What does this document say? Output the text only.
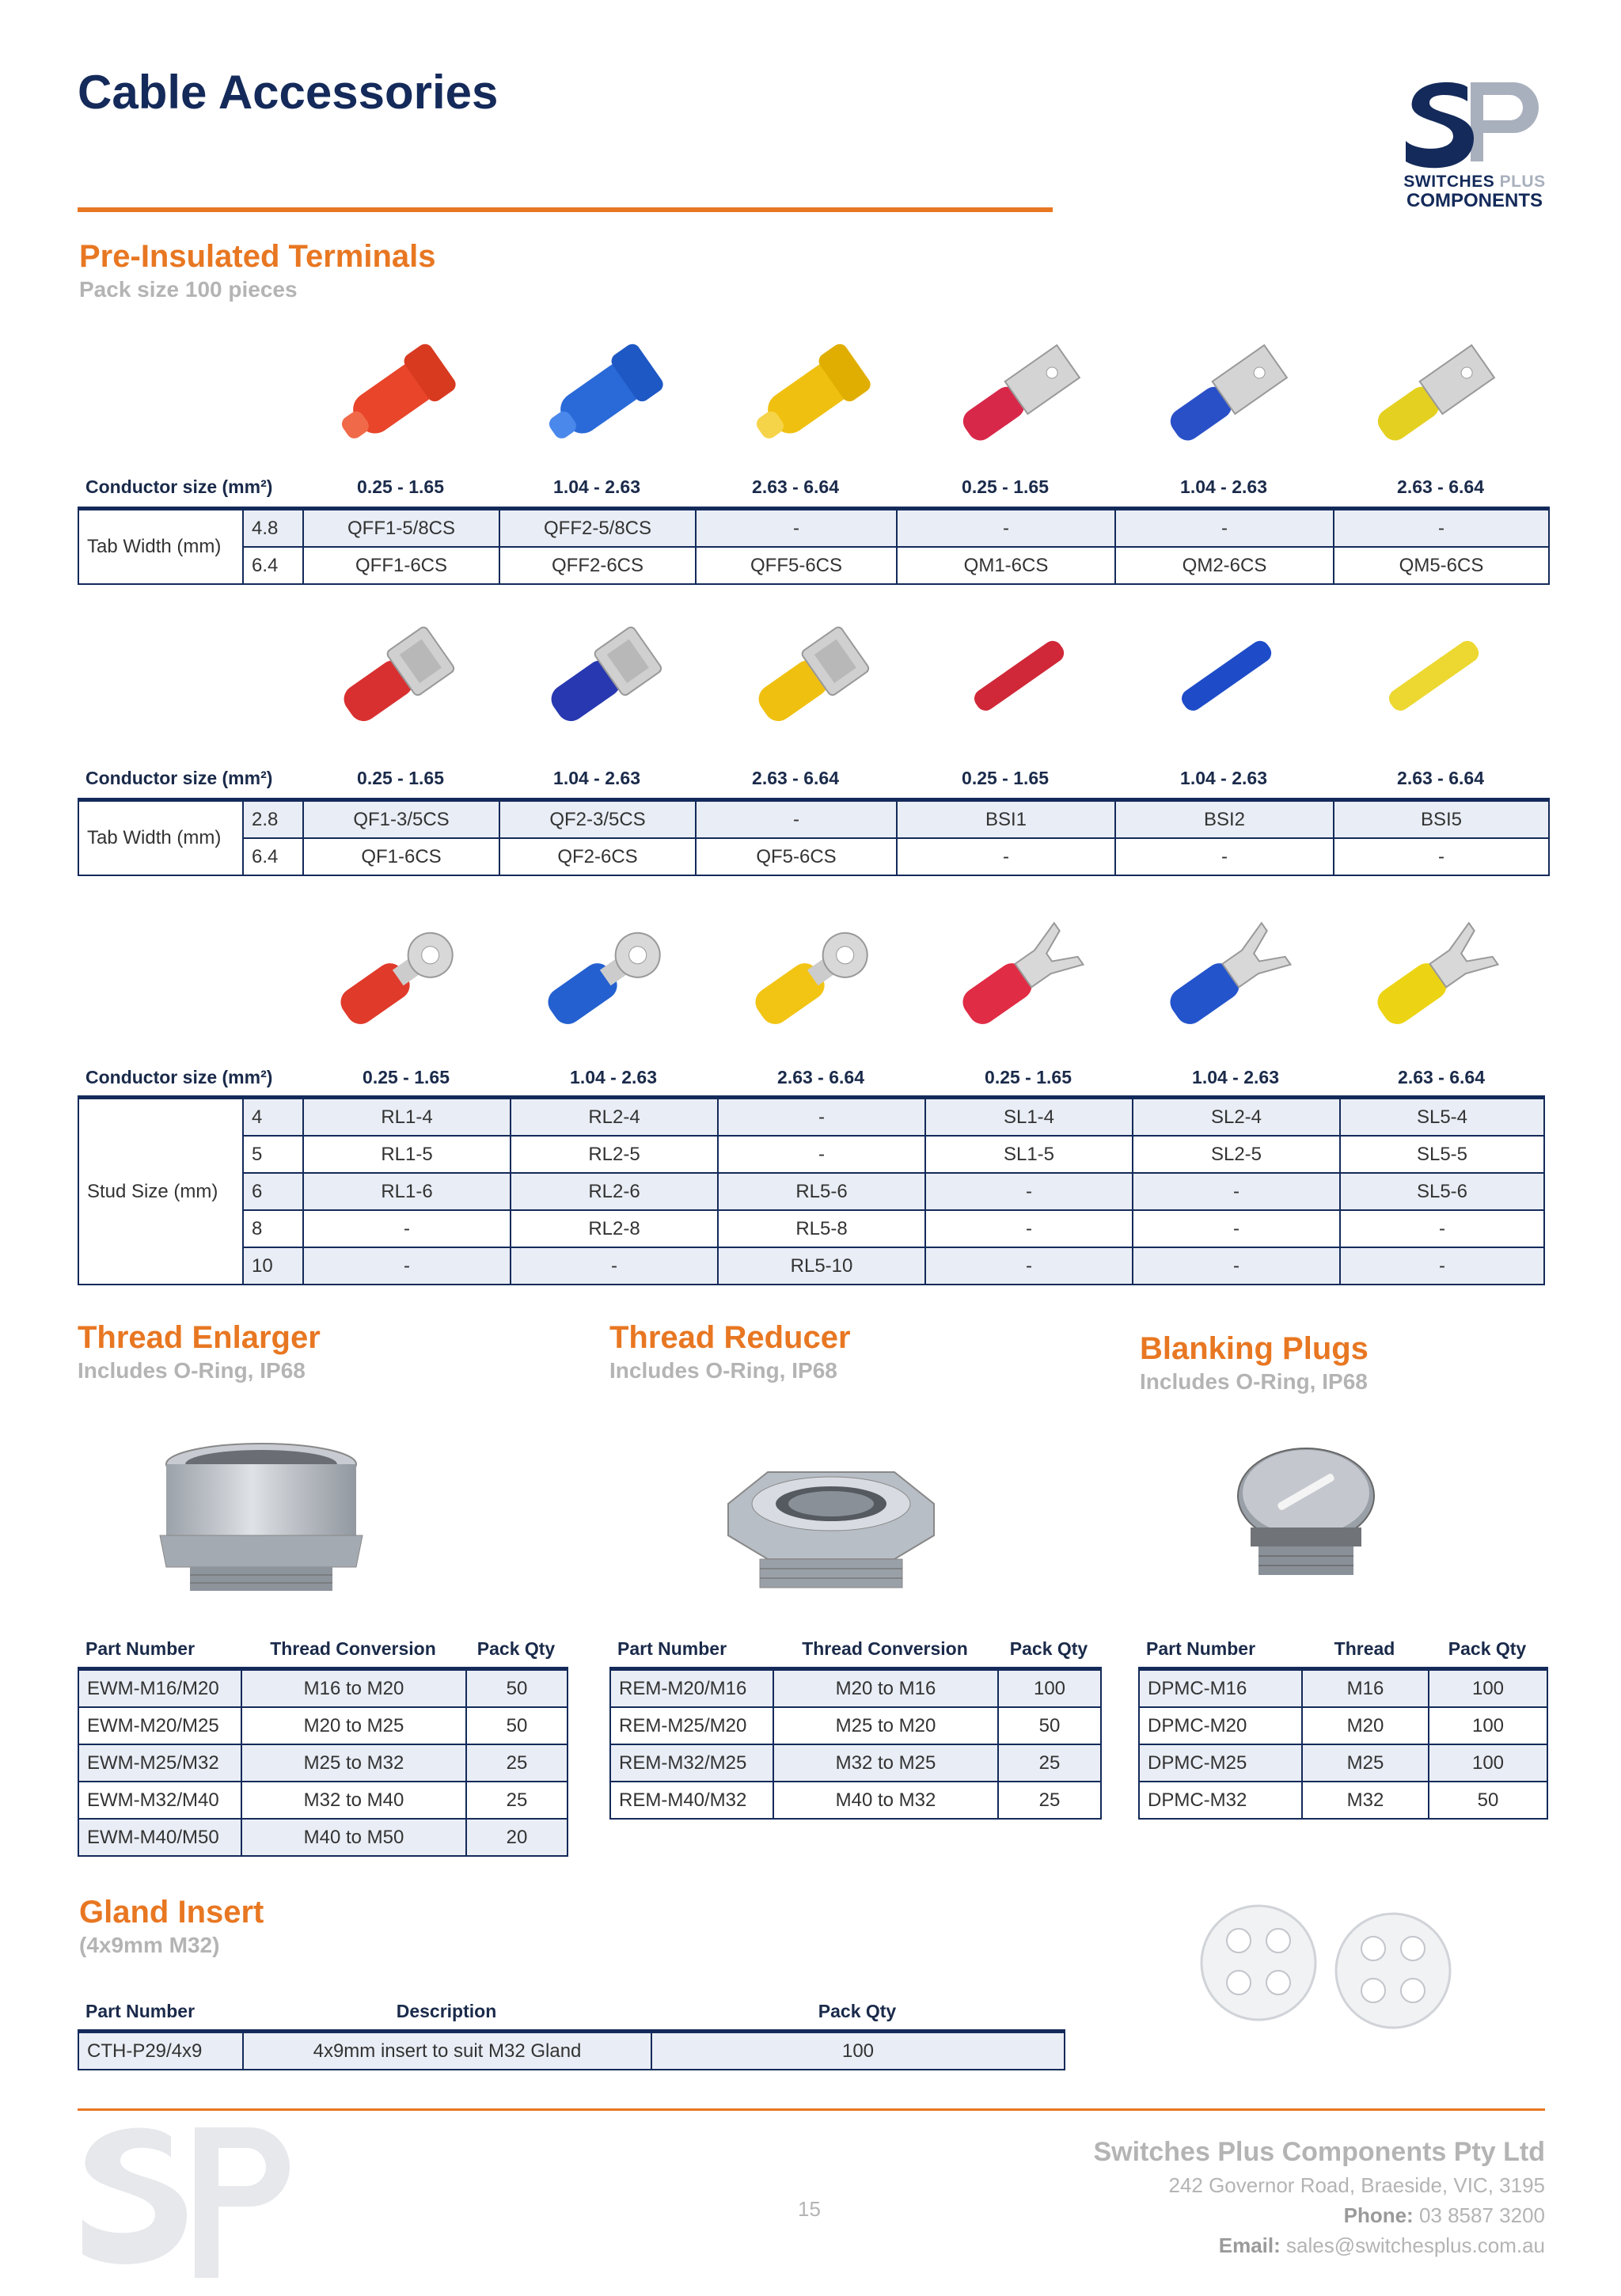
Cable Accessories
SWITCHES PLUS
COMPONENTS
Pre-Insulated Terminals
Pack size 100 pieces
Conductor size (mm²)	0.25 - 1.65	1.04 - 2.63	2.63 - 6.64	0.25 - 1.65	1.04 - 2.63	2.63 - 6.64
Tab Width (mm)	4.8	QFF1-5/8CS	QFF2-5/8CS	-	-	-	-
	6.4	QFF1-6CS	QFF2-6CS	QFF5-6CS	QM1-6CS	QM2-6CS	QM5-6CS
Conductor size (mm²)	0.25 - 1.65	1.04 - 2.63	2.63 - 6.64	0.25 - 1.65	1.04 - 2.63	2.63 - 6.64
Tab Width (mm)	2.8	QF1-3/5CS	QF2-3/5CS	-	BSI1	BSI2	BSI5
	6.4	QF1-6CS	QF2-6CS	QF5-6CS	-	-	-
Conductor size (mm²)	0.25 - 1.65	1.04 - 2.63	2.63 - 6.64	0.25 - 1.65	1.04 - 2.63	2.63 - 6.64
Stud Size (mm)	4	RL1-4	RL2-4	-	SL1-4	SL2-4	SL5-4
	5	RL1-5	RL2-5	-	SL1-5	SL2-5	SL5-5
	6	RL1-6	RL2-6	RL5-6	-	-	SL5-6
	8	-	RL2-8	RL5-8	-	-	-
	10	-	-	RL5-10	-	-	-
Thread Enlarger
Includes O-Ring, IP68
Part Number	Thread Conversion	Pack Qty
EWM-M16/M20	M16 to M20	50
EWM-M20/M25	M20 to M25	50
EWM-M25/M32	M25 to M32	25
EWM-M32/M40	M32 to M40	25
EWM-M40/M50	M40 to M50	20
Thread Reducer
Includes O-Ring, IP68
Part Number	Thread Conversion	Pack Qty
REM-M20/M16	M20 to M16	100
REM-M25/M20	M25 to M20	50
REM-M32/M25	M32 to M25	25
REM-M40/M32	M40 to M32	25
Blanking Plugs
Includes O-Ring, IP68
Part Number	Thread	Pack Qty
DPMC-M16	M16	100
DPMC-M20	M20	100
DPMC-M25	M25	100
DPMC-M32	M32	50
Gland Insert
(4x9mm M32)
Part Number	Description	Pack Qty
CTH-P29/4x9	4x9mm insert to suit M32 Gland	100
15
Switches Plus Components Pty Ltd
242 Governor Road, Braeside, VIC, 3195
Phone: 03 8587 3200
Email: sales@switchesplus.com.au
